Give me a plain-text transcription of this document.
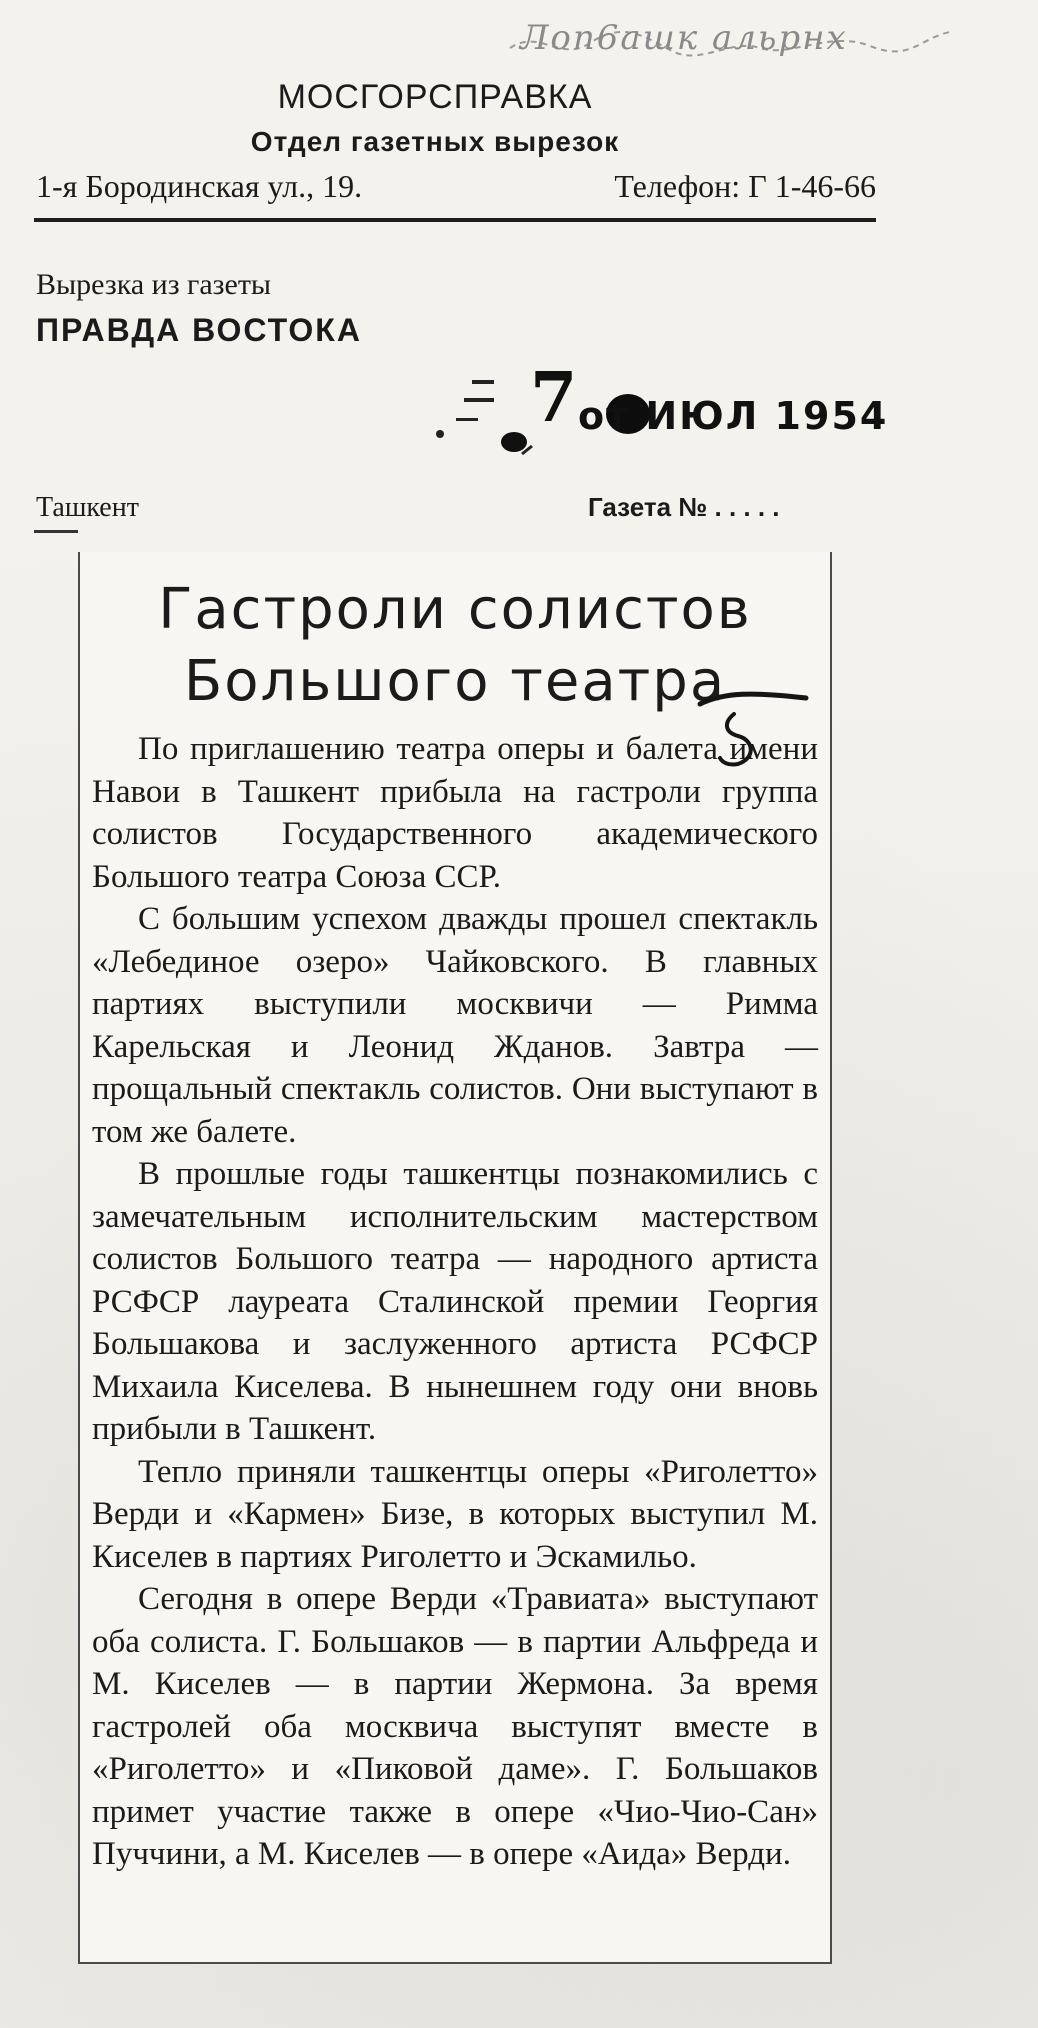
Лоп6ашк альрнх
МОСГОРСПРАВКА
Отдел газетных вырезок
1-я Бородинская ул., 19.	Телефон: Г 1-46-66
Вырезка из газеты
ПРАВДА ВОСТОКА
7 от ИЮЛ 1954
Ташкент	Газета № . . . . .
Гастроли солистов
Большого театра

По приглашению театра оперы и балета имени Навои в Ташкент прибыла на гастроли группа солистов Государственного академического Большого театра Союза ССР.

С большим успехом дважды прошел спектакль «Лебединое озеро» Чайковского. В главных партиях выступили москвичи — Римма Карельская и Леонид Жданов. Завтра — прощальный спектакль солистов. Они выступают в том же балете.

В прошлые годы ташкентцы познакомились с замечательным исполнительским мастерством солистов Большого театра — народного артиста РСФСР лауреата Сталинской премии Георгия Большакова и заслуженного артиста РСФСР Михаила Киселева. В нынешнем году они вновь прибыли в Ташкент.

Тепло приняли ташкентцы оперы «Риголетто» Верди и «Кармен» Бизе, в которых выступил М. Киселев в партиях Риголетто и Эскамильо.

Сегодня в опере Верди «Травиата» выступают оба солиста. Г. Большаков — в партии Альфреда и М. Киселев — в партии Жермона. За время гастролей оба москвича выступят вместе в «Риголетто» и «Пиковой даме». Г. Большаков примет участие также в опере «Чио-Чио-Сан» Пуччини, а М. Киселев — в опере «Аида» Верди.
